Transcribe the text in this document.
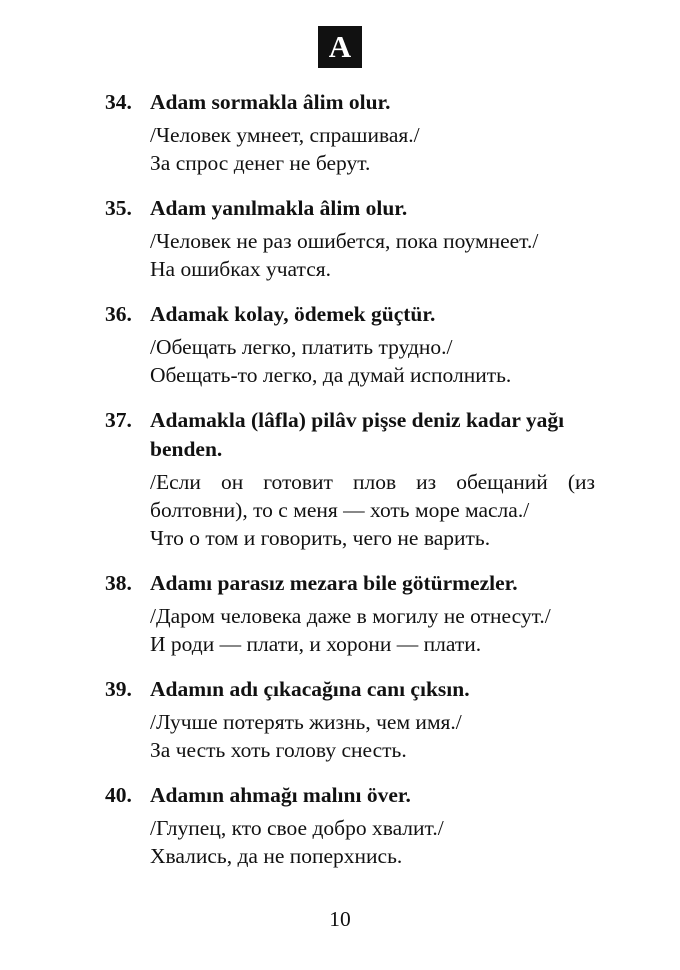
A
34. Adam sormakla âlim olur.

/Человек умнеет, спрашивая./

За спрос денег не берут.

35. Adam yanılmakla âlim olur.

/Человек не раз ошибется, пока поумнеет./

На ошибках учатся.

36. Adamak kolay, ödemek güçtür.

/Обещать легко, платить трудно./

Обещать-то легко, да думай исполнить.

37. Adamakla (lâfla) pilâv pişse deniz kadar yağı benden.

/Если он готовит плов из обещаний (из болтовни), то с меня — хоть море масла./

Что о том и говорить, чего не варить.

38. Adamı parasız mezara bile götürmezler.

/Даром человека даже в могилу не отнесут./

И роди — плати, и хорони — плати.

39. Adamın adı çıkacağına canı çıksın.

/Лучше потерять жизнь, чем имя./

За честь хоть голову снесть.

40. Adamın ahmağı malını över.

/Глупец, кто свое добро хвалит./

Хвались, да не поперхнись.

10
